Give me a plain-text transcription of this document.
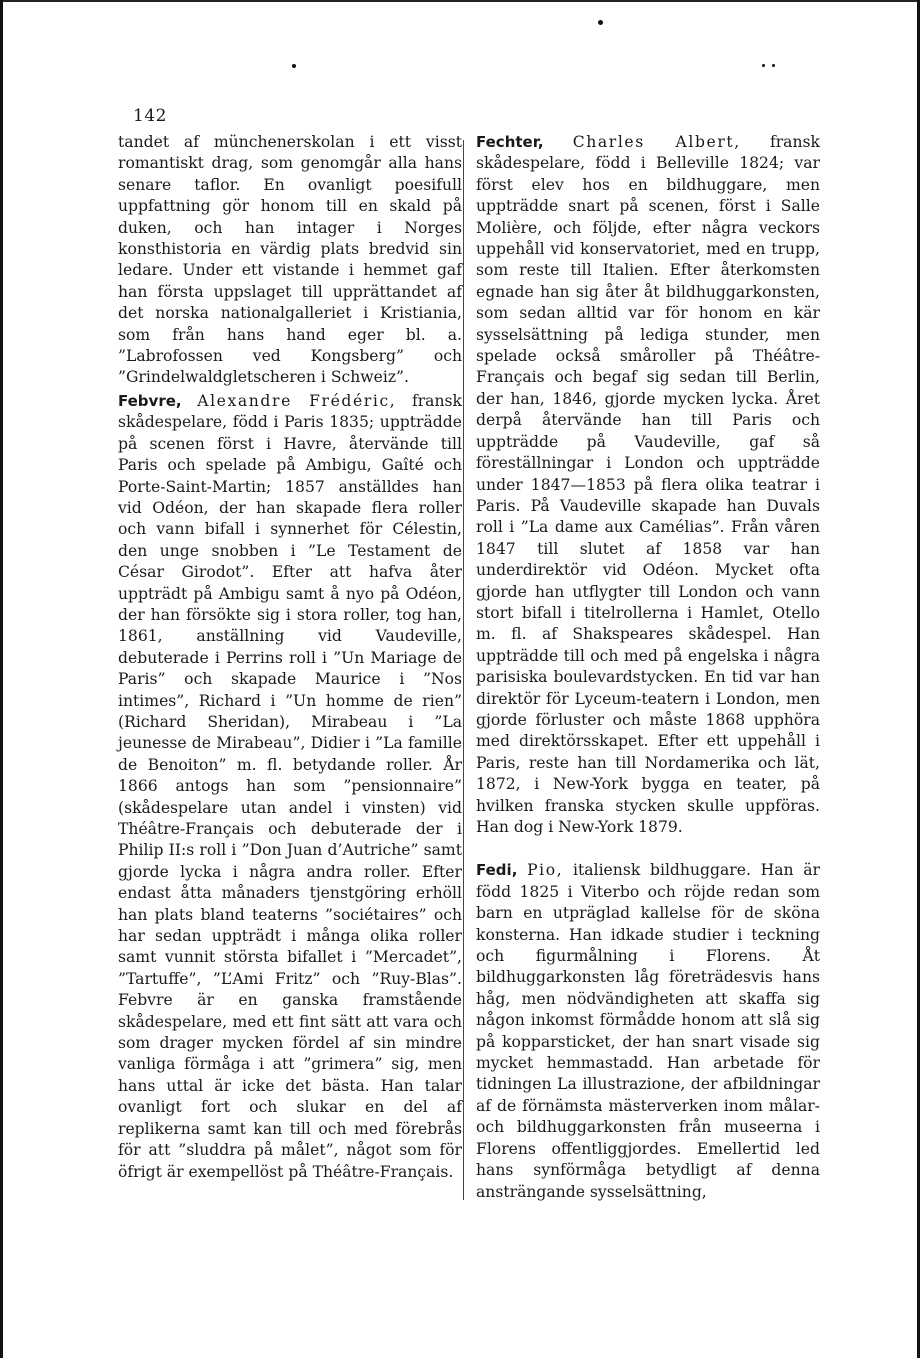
142

tandet af münchenerskolan i ett visst romantiskt drag, som genomgår alla hans senare taflor. En ovanligt poesifull uppfattning gör honom till en skald på duken, och han intager i Norges konsthistoria en värdig plats bredvid sin ledare. Under ett vistande i hemmet gaf han första uppslaget till upprättandet af det norska nationalgalleriet i Kristiania, som från hans hand eger bl. a. ”Labrofossen ved Kongsberg” och ”Grindelwaldgletscheren i Schweiz”.

Febvre, Alexandre Frédéric, fransk skådespelare, född i Paris 1835; uppträdde på scenen först i Havre, återvände till Paris och spelade på Ambigu, Gaîté och Porte-Saint-Martin; 1857 anställdes han vid Odéon, der han skapade flera roller och vann bifall i synnerhet för Célestin, den unge snobben i ”Le Testament de César Girodot”. Efter att hafva åter uppträdt på Ambigu samt å nyo på Odéon, der han försökte sig i stora roller, tog han, 1861, anställning vid Vaudeville, debuterade i Perrins roll i ”Un Mariage de Paris” och skapade Maurice i ”Nos intimes”, Richard i ”Un homme de rien” (Richard Sheridan), Mirabeau i ”La jeunesse de Mirabeau”, Didier i ”La famille de Benoiton” m. fl. betydande roller. År 1866 antogs han som ”pensionnaire” (skådespelare utan andel i vinsten) vid Théâtre-Français och debuterade der i Philip II:s roll i ”Don Juan d’Autriche” samt gjorde lycka i några andra roller. Efter endast åtta månaders tjenstgöring erhöll han plats bland teaterns ”sociétaires” och har sedan uppträdt i många olika roller samt vunnit största bifallet i ”Mercadet”, ”Tartuffe”, ”L’Ami Fritz” och ”Ruy-Blas”. Febvre är en ganska framstående skådespelare, med ett fint sätt att vara och som drager mycken fördel af sin mindre vanliga förmåga i att ”grimera” sig, men hans uttal är icke det bästa. Han talar ovanligt fort och slukar en del af replikerna samt kan till och med förebrås för att ”sluddra på målet”, något som för öfrigt är exempellöst på Théâtre-Français.

Fechter, Charles Albert, fransk skådespelare, född i Belleville 1824; var först elev hos en bildhuggare, men uppträdde snart på scenen, först i Salle Molière, och följde, efter några veckors uppehåll vid konservatoriet, med en trupp, som reste till Italien. Efter återkomsten egnade han sig åter åt bildhuggarkonsten, som sedan alltid var för honom en kär sysselsättning på lediga stunder, men spelade också småroller på Théâtre-Français och begaf sig sedan till Berlin, der han, 1846, gjorde mycken lycka. Året derpå återvände han till Paris och uppträdde på Vaudeville, gaf så föreställningar i London och uppträdde under 1847—1853 på flera olika teatrar i Paris. På Vaudeville skapade han Duvals roll i ”La dame aux Camélias”. Från våren 1847 till slutet af 1858 var han underdirektör vid Odéon. Mycket ofta gjorde han utflygter till London och vann stort bifall i titelrollerna i Hamlet, Otello m. fl. af Shakspeares skådespel. Han uppträdde till och med på engelska i några parisiska boulevardstycken. En tid var han direktör för Lyceum-teatern i London, men gjorde förluster och måste 1868 upphöra med direktörsskapet. Efter ett uppehåll i Paris, reste han till Nordamerika och lät, 1872, i New-York bygga en teater, på hvilken franska stycken skulle uppföras. Han dog i New-York 1879.

Fedi, Pio, italiensk bildhuggare. Han är född 1825 i Viterbo och röjde redan som barn en utpräglad kallelse för de sköna konsterna. Han idkade studier i teckning och figurmålning i Florens. Åt bildhuggarkonsten låg företrädesvis hans håg, men nödvändigheten att skaffa sig någon inkomst förmådde honom att slå sig på kopparsticket, der han snart visade sig mycket hemmastadd. Han arbetade för tidningen La illustrazione, der afbildningar af de förnämsta mästerverken inom målar- och bildhuggarkonsten från museerna i Florens offentliggjordes. Emellertid led hans synförmåga betydligt af denna ansträngande sysselsättning,
